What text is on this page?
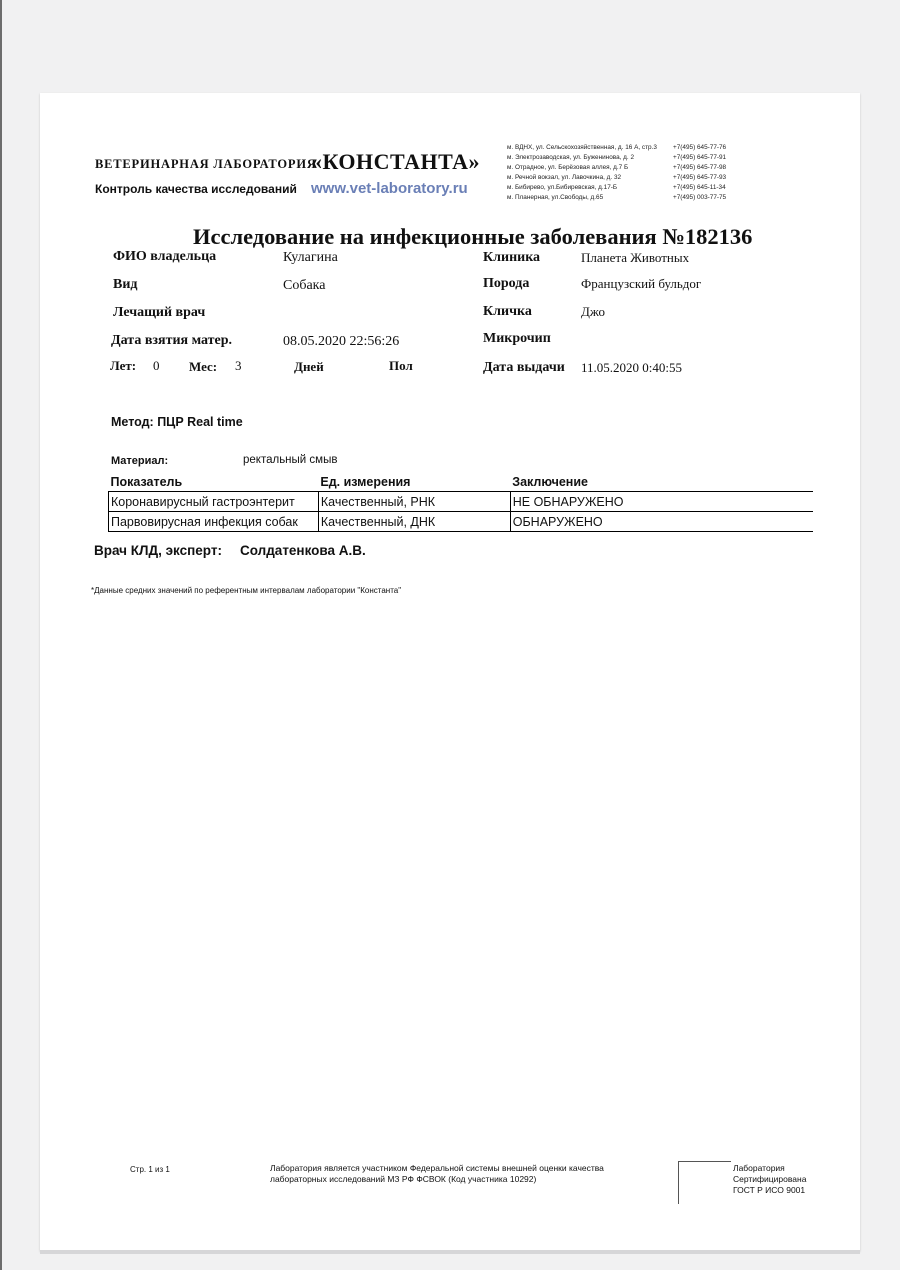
ВЕТЕРИНАРНАЯ ЛАБОРАТОРИЯ
«КОНСТАНТА»
Контроль качества исследований www.vet-laboratory.ru
м. ВДНХ, ул. Сельскохозяйственная, д. 16 А, стр.3	+7(495) 645-77-76
м. Электрозаводская, ул. Буженинова, д. 2	+7(495) 645-77-91
м. Отрадное, ул. Берёзовая аллея, д.7 Б	+7(495) 645-77-98
м. Речной вокзал, ул. Лавочкина, д. 32	+7(495) 645-77-93
м. Бибирево, ул.Бибиревская, д.17-Б	+7(495) 645-11-34
м. Планерная, ул.Свободы, д.65	+7(495) 003-77-75
Исследование на инфекционные заболевания №182136
ФИО владельца	Кулагина
Вид	Собака
Лечащий врач
Дата взятия матер.	08.05.2020 22:56:26
Лет: 0 Мес: 3	Дней	Пол
Клиника	Планета Животных
Порода	Французский бульдог
Кличка	Джо
Микрочип
Дата выдачи 11.05.2020 0:40:55
Метод: ПЦР Real time
Материал:	ректальный смыв
Показатель	Ед. измерения	Заключение
Коронавирусный гастроэнтерит	Качественный, РНК	НЕ ОБНАРУЖЕНО
Парвовирусная инфекция собак	Качественный, ДНК	ОБНАРУЖЕНО
Врач КЛД, эксперт: Солдатенкова А.В.
*Данные средних значений по референтным интервалам лаборатории "Константа"
Стр. 1 из 1	Лаборатория является участником Федеральной системы внешней оценки качества
лабораторных исследований МЗ РФ ФСВОК (Код участника 10292)
Лаборатория
Сертифицирована
ГОСТ Р ИСО 9001
